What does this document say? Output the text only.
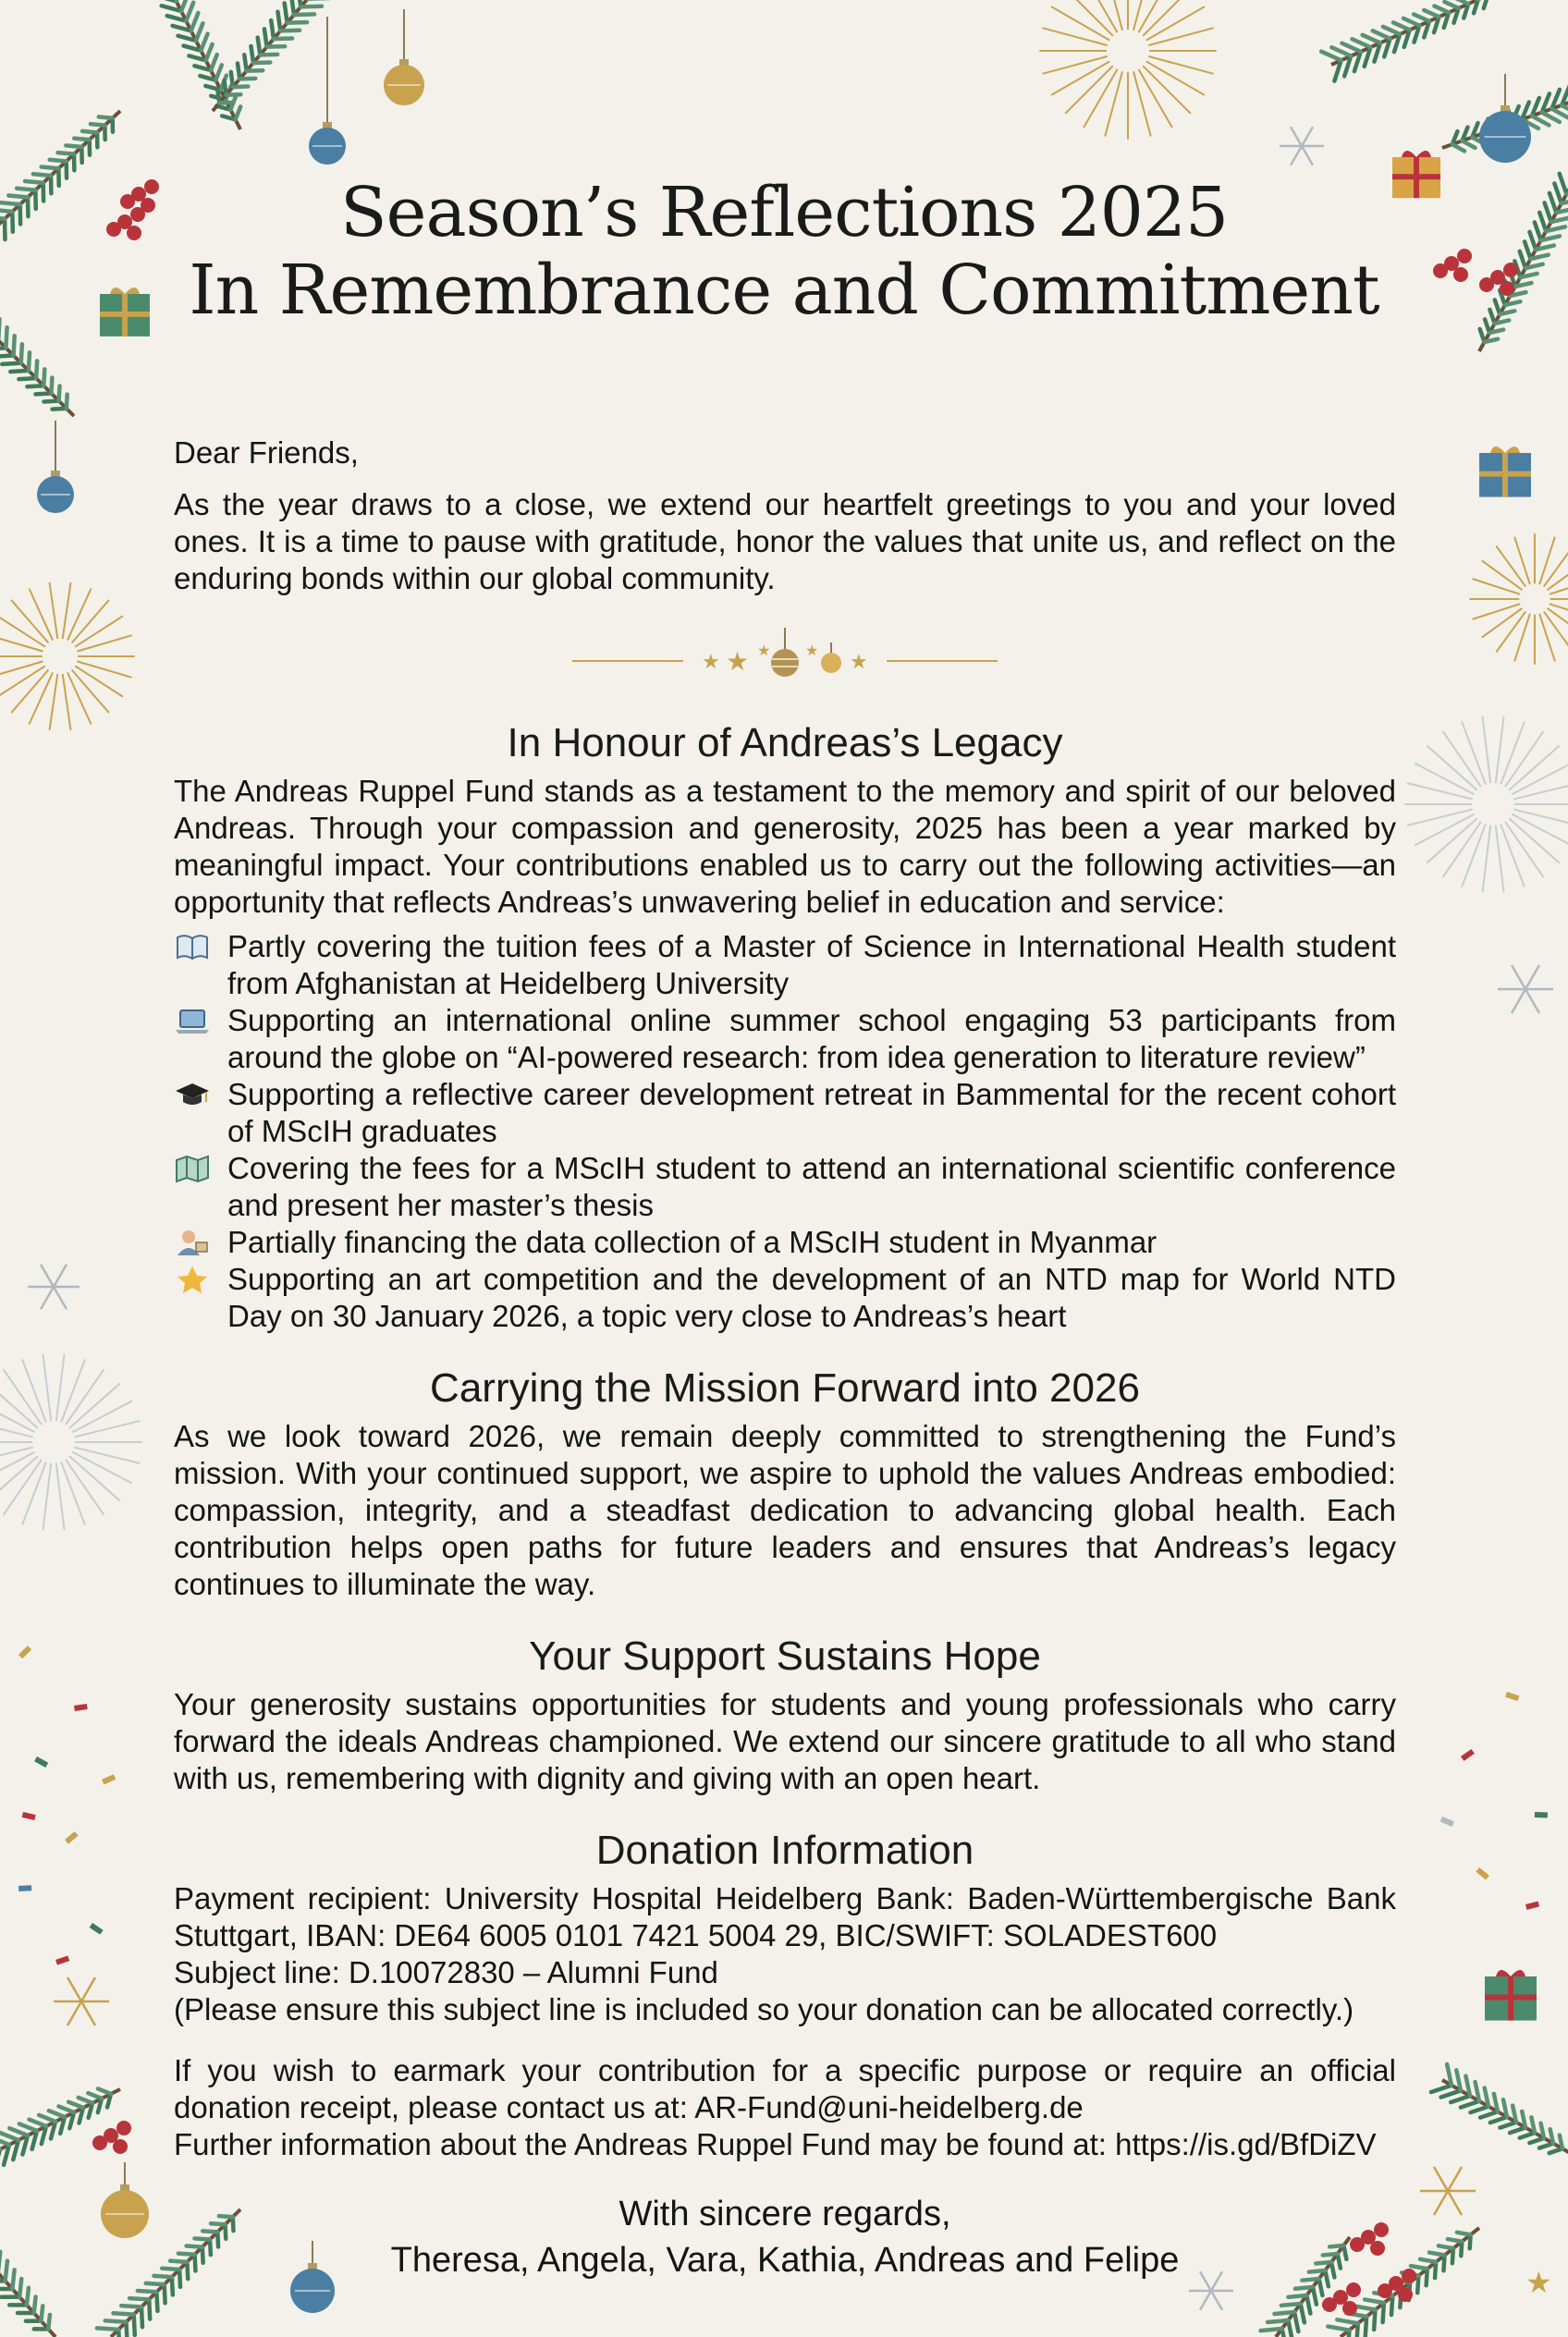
★
Season’s Reflections 2025
In Remembrance and Commitment

Dear Friends,

As the year draws to a close, we extend our heartfelt greetings to you and your loved ones. It is a time to pause with gratitude, honor the values that unite us, and reflect on the enduring bonds within our global community.

★ ★ ★ ★
★
In Honour of Andreas’s Legacy

The Andreas Ruppel Fund stands as a testament to the memory and spirit of our beloved Andreas. Through your compassion and generosity, 2025 has been a year marked by meaningful impact. Your contributions enabled us to carry out the following activities—an opportunity that reflects Andreas’s unwavering belief in education and service:

Partly covering the tuition fees of a Master of Science in International Health student from Afghanistan at Heidelberg University
Supporting an international online summer school engaging 53 participants from around the globe on “AI-powered research: from idea generation to literature review”
Supporting a reflective career development retreat in Bammental for the recent cohort of MScIH graduates
Covering the fees for a MScIH student to attend an international scientific conference and present her master’s thesis
Partially financing the data collection of a MScIH student in Myanmar
Supporting an art competition and the development of an NTD map for World NTD Day on 30 January 2026, a topic very close to Andreas’s heart
Carrying the Mission Forward into 2026

As we look toward 2026, we remain deeply committed to strengthening the Fund’s mission. With your continued support, we aspire to uphold the values Andreas embodied: compassion, integrity, and a steadfast dedication to advancing global health. Each contribution helps open paths for future leaders and ensures that Andreas’s legacy continues to illuminate the way.

Your Support Sustains Hope

Your generosity sustains opportunities for students and young professionals who carry forward the ideals Andreas championed. We extend our sincere gratitude to all who stand with us, remembering with dignity and giving with an open heart.

Donation Information

Payment recipient: University Hospital Heidelberg Bank: Baden-Württembergische Bank Stuttgart, IBAN: DE64 6005 0101 7421 5004 29, BIC/SWIFT: SOLADEST600

Subject line: D.10072830 – Alumni Fund

(Please ensure this subject line is included so your donation can be allocated correctly.)

If you wish to earmark your contribution for a specific purpose or require an official donation receipt, please contact us at: AR-Fund@uni-heidelberg.de

Further information about the Andreas Ruppel Fund may be found at: https://is.gd/BfDiZV

With sincere regards,
Theresa, Angela, Vara, Kathia, Andreas and Felipe
